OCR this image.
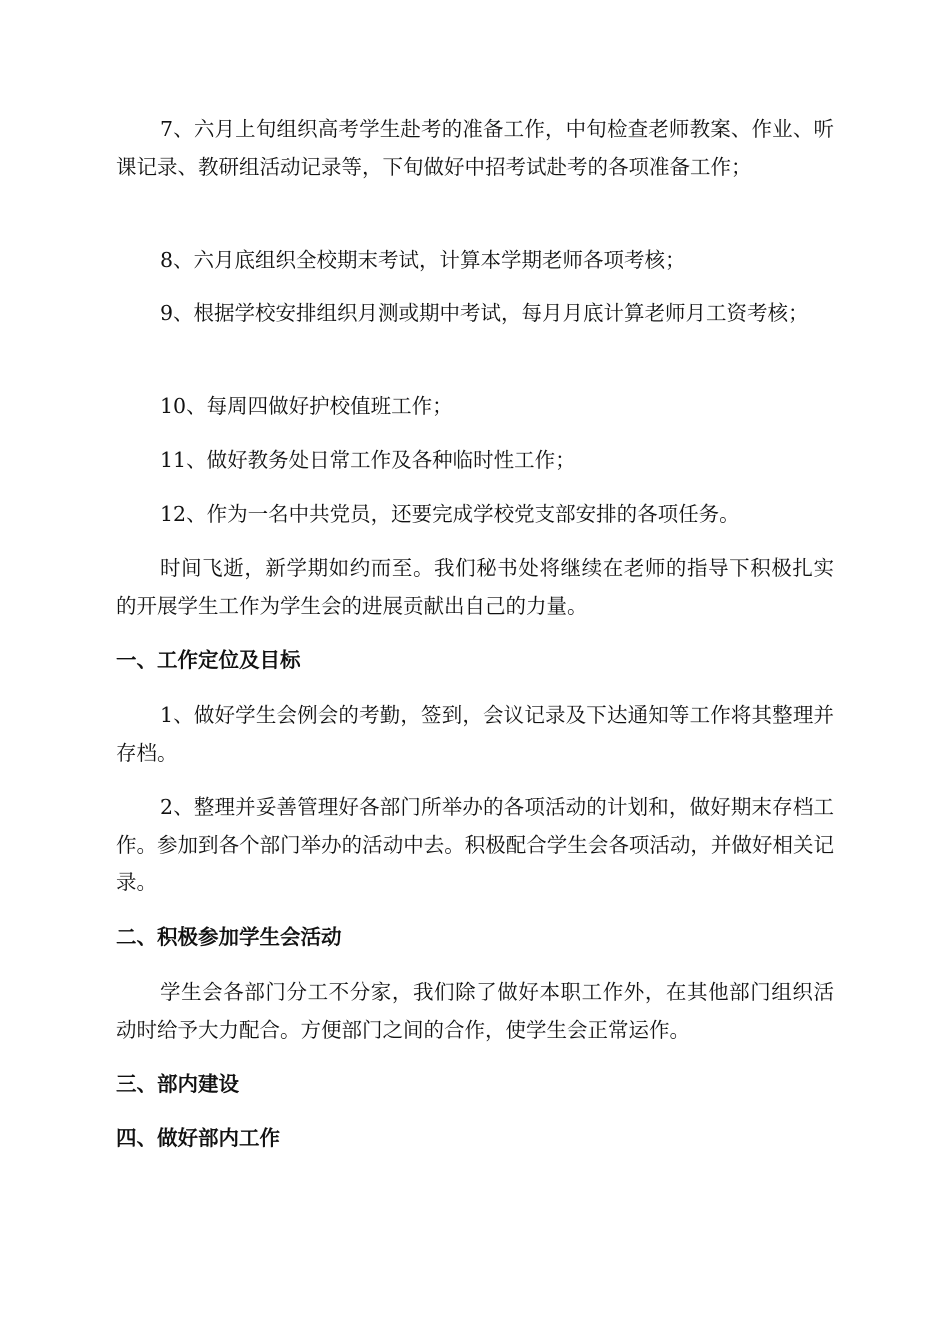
7、六月上旬组织高考学生赴考的准备工作，中旬检查老师教案、作业、听课记录、教研组活动记录等，下旬做好中招考试赴考的各项准备工作；

8、六月底组织全校期末考试，计算本学期老师各项考核；

9、根据学校安排组织月测或期中考试，每月月底计算老师月工资考核；

10、每周四做好护校值班工作；

11、做好教务处日常工作及各种临时性工作；

12、作为一名中共党员，还要完成学校党支部安排的各项任务。

时间飞逝，新学期如约而至。我们秘书处将继续在老师的指导下积极扎实的开展学生工作为学生会的进展贡献出自己的力量。

一、工作定位及目标

1、做好学生会例会的考勤，签到，会议记录及下达通知等工作将其整理并存档。

2、整理并妥善管理好各部门所举办的各项活动的计划和，做好期末存档工作。参加到各个部门举办的活动中去。积极配合学生会各项活动，并做好相关记录。

二、积极参加学生会活动

学生会各部门分工不分家，我们除了做好本职工作外，在其他部门组织活动时给予大力配合。方便部门之间的合作，使学生会正常运作。

三、部内建设

四、做好部内工作
